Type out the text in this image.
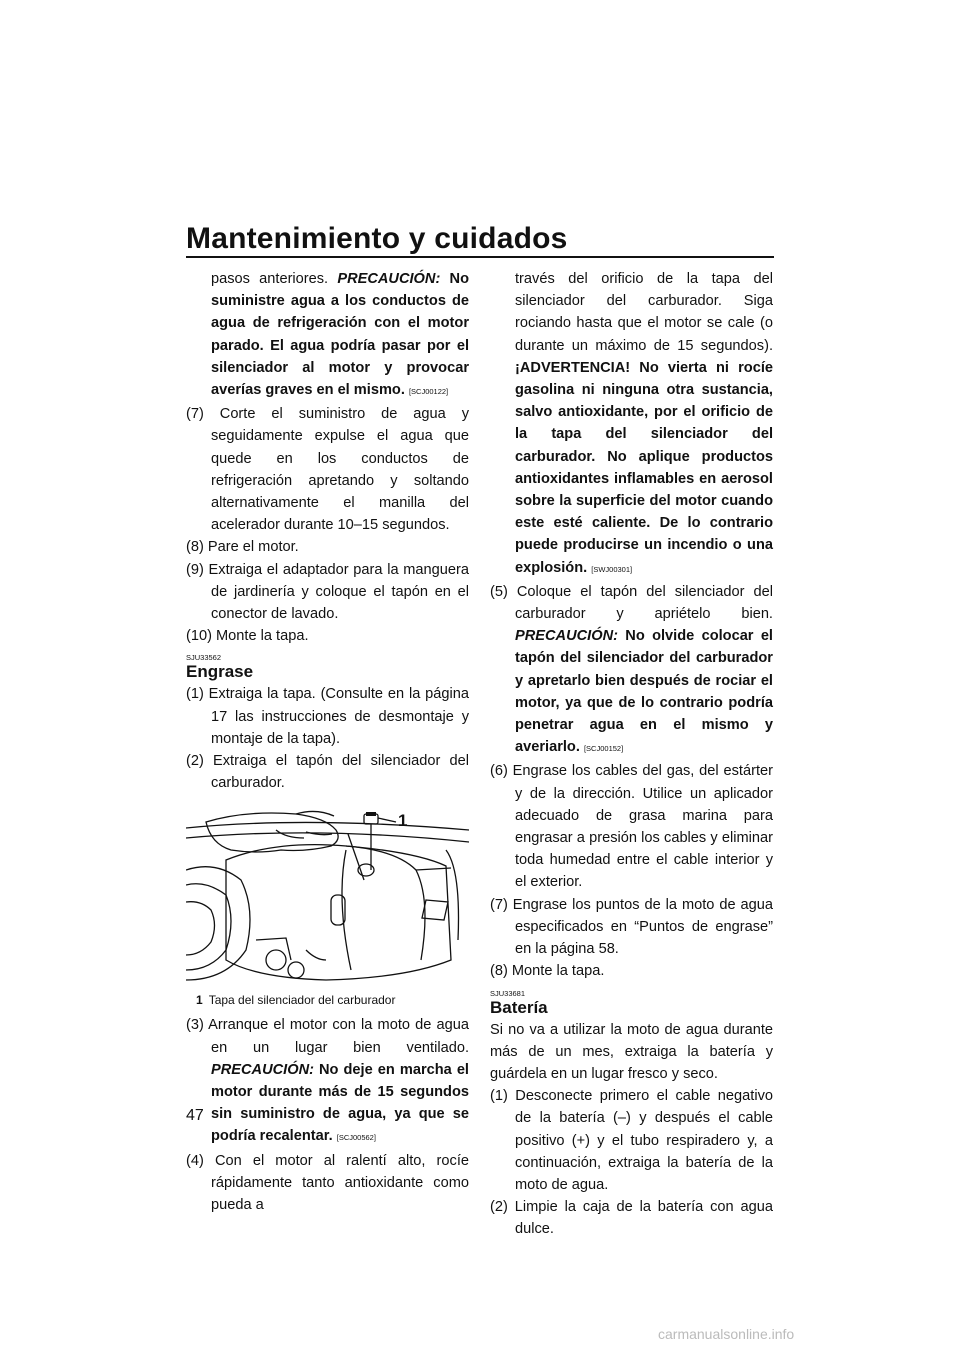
Mantenimiento y cuidados

pasos anteriores. PRECAUCIÓN: No suministre agua a los conductos de agua de refrigeración con el motor parado. El agua podría pasar por el silenciador al motor y provocar averías graves en el mismo. [SCJ00122]

(7) Corte el suministro de agua y seguidamente expulse el agua que quede en los conductos de refrigeración apretando y soltando alternativamente el manilla del acelerador durante 10–15 segundos.

(8) Pare el motor.

(9) Extraiga el adaptador para la manguera de jardinería y coloque el tapón en el conector de lavado.

(10) Monte la tapa.

SJU33562
Engrase

(1) Extraiga la tapa. (Consulte en la página 17 las instrucciones de desmontaje y montaje de la tapa).

(2) Extraiga el tapón del silenciador del carburador.

1

1 Tapa del silenciador del carburador

(3) Arranque el motor con la moto de agua en un lugar bien ventilado. PRECAUCIÓN: No deje en marcha el motor durante más de 15 segundos sin suministro de agua, ya que se podría recalentar. [SCJ00562]

(4) Con el motor al ralentí alto, rocíe rápidamente tanto antioxidante como pueda a

través del orificio de la tapa del silenciador del carburador. Siga rociando hasta que el motor se cale (o durante un máximo de 15 segundos). ¡ADVERTENCIA! No vierta ni rocíe gasolina ni ninguna otra sustancia, salvo antioxidante, por el orificio de la tapa del silenciador del carburador. No aplique productos antioxidantes inflamables en aerosol sobre la superficie del motor cuando este esté caliente. De lo contrario puede producirse un incendio o una explosión. [SWJ00301]

(5) Coloque el tapón del silenciador del carburador y apriételo bien. PRECAUCIÓN: No olvide colocar el tapón del silenciador del carburador y apretarlo bien después de rociar el motor, ya que de lo contrario podría penetrar agua en el mismo y averiarlo. [SCJ00152]

(6) Engrase los cables del gas, del estárter y de la dirección. Utilice un aplicador adecuado de grasa marina para engrasar a presión los cables y eliminar toda humedad entre el cable interior y el exterior.

(7) Engrase los puntos de la moto de agua especificados en “Puntos de engrase” en la página 58.

(8) Monte la tapa.

SJU33681
Batería

Si no va a utilizar la moto de agua durante más de un mes, extraiga la batería y guárdela en un lugar fresco y seco.

(1) Desconecte primero el cable negativo de la batería (–) y después el cable positivo (+) y el tubo respiradero y, a continuación, extraiga la batería de la moto de agua.

(2) Limpie la caja de la batería con agua dulce.

47
carmanualsonline.info
